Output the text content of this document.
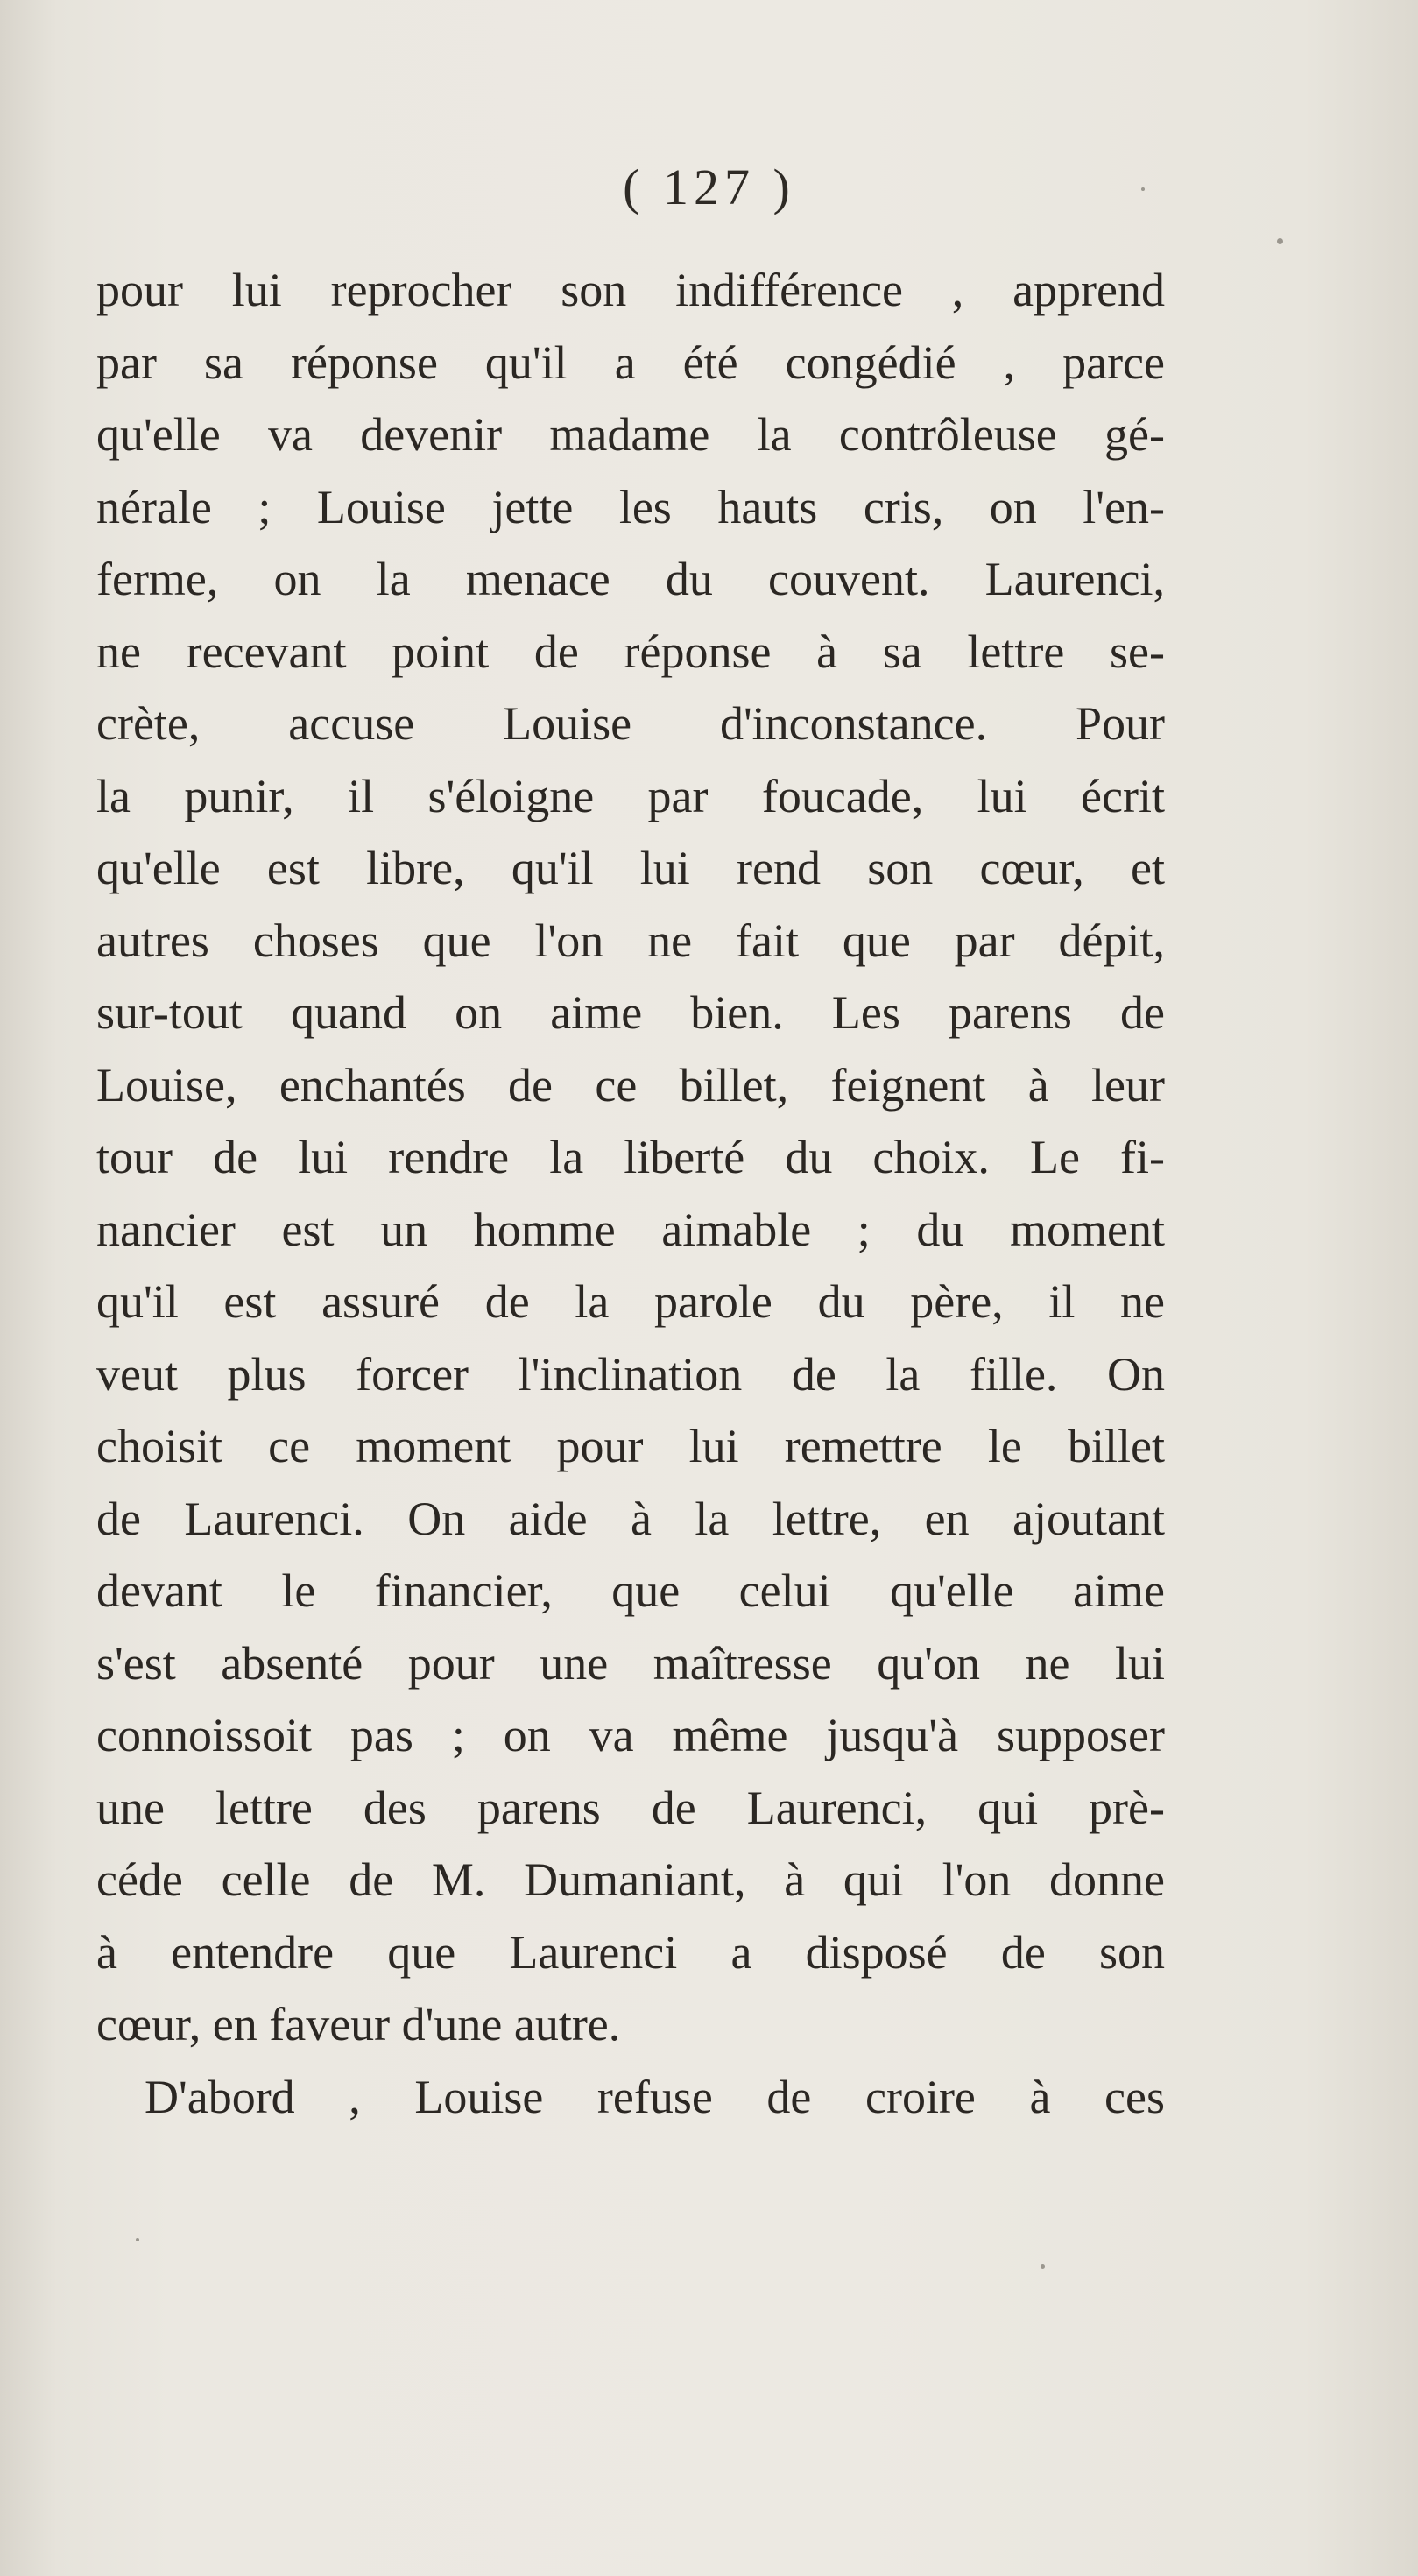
( 127 )
pour lui reprocher son indifférence , apprend
par sa réponse qu'il a été congédié , parce
qu'elle va devenir madame la contrôleuse gé-
nérale ; Louise jette les hauts cris, on l'en-
ferme, on la menace du couvent. Laurenci,
ne recevant point de réponse à sa lettre se-
crète, accuse Louise d'inconstance. Pour
la punir, il s'éloigne par foucade, lui écrit
qu'elle est libre, qu'il lui rend son cœur, et
autres choses que l'on ne fait que par dépit,
sur-tout quand on aime bien. Les parens de
Louise, enchantés de ce billet, feignent à leur
tour de lui rendre la liberté du choix. Le fi-
nancier est un homme aimable ; du moment
qu'il est assuré de la parole du père, il ne
veut plus forcer l'inclination de la fille. On
choisit ce moment pour lui remettre le billet
de Laurenci. On aide à la lettre, en ajoutant
devant le financier, que celui qu'elle aime
s'est absenté pour une maîtresse qu'on ne lui
connoissoit pas ; on va même jusqu'à supposer
une lettre des parens de Laurenci, qui prè-
céde celle de M. Dumaniant, à qui l'on donne
à entendre que Laurenci a disposé de son
cœur, en faveur d'une autre.
D'abord , Louise refuse de croire à ces
